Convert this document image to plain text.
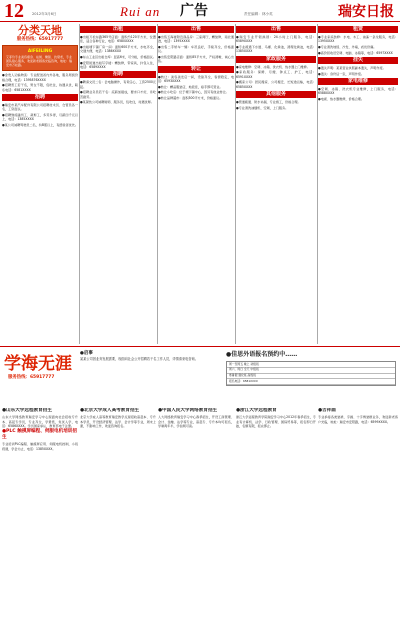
12 2012年3月6日	Rui an 广告	责任编辑：林小英	瑞安日报
分类天地
服务热线：65917777
AIFEILING
艾菲玲专业美容瘦身、祛斑、嫩肤、抗衰老，专业团队贴心服务，欢迎新老顾客光临咨询，地址：瑞安市万松路。
●金贵人运输物流：专业配送省内外各地，服务周到价格合理，电话：1395876XXXX
●招聘普工若干名，男女不限，包吃住，待遇从优，联系电话：6581XXXX
招聘
●瑞安市某汽车配件有限公司招聘技术员、仓管员各一名，工资面议。
●招聘熟练缝纫工、裁剪工，多劳多得，月薪四千元以上，电话：1385XXXX
●某公司诚聘驾驶员二名，持B照以上，有经验者优先。
出租
●出租万松东路365号店面：面积约120平方米，位置佳，适合各种行业，电话：6580XXXX
●出租塘下镇厂房一间：面积600平方米，水电齐全，交通方便，电话：1386XXXX
●东山工业区出租仓库：层高6米，可分租，价格面议。
●安阳街道出租写字楼：精装修，带家具，拎包入住，电话：6589XXXX
招聘
●聘请文员二名：会电脑操作，有责任心，工资2500元起。
●招聘业务员若干名：底薪加提成，要求口才好，肯吃苦耐劳。
●某餐饮公司诚聘厨师、服务员，包吃住，待遇优厚。
出售
●出售玉海楼附近商品房：三室两厅，精装修，南北通透，电话：1395XXXX
●出售二手轿车一辆：车况良好，手续齐全，价格面议。
●出售安阳路店面：面积85平方米，产权清晰，诚心出售。
转让
●转让：美容美发店一间，设备齐全，客源稳定，电话：6593XXXX
●转让：精品服装店，地段佳，接手即可营业。
●转让小吃店：位于塘下镇中心，因另有他业转让。
●转让品牌超市：面积300平方米，价格面议。
出售
●瑞安专业开锁换锁：24小时上门服务，电话：6589XXXX
●专业疏通下水道、马桶、化粪池，清理化粪池，电话：1385XXXX
家政服务
●家电维修：空调、冰箱、洗衣机、热水器上门维修。
●家政服务：保姆、月嫂、钟点工、护工，电话：6591XXXX
●搬家公司：居民搬家、公司搬迁、长短途运输，电话：6585XXXX
其他服务
●管道疏通、防水补漏，专业施工，价格合理。
●专业清洗油烟机、空调，上门服务。
租赁
●专业家庭装修：水电、木工、油漆一条龙服务，电话：1395XXXX
●专业清洗地毯、沙发、外墙，质优价廉。
●高价回收旧空调、电脑、冰箱等，电话：6597XXXX
挂失
●遗失声明：某某营业执照副本遗失，声明作废。
●遗失：身份证一张，声明作废。
家电维修
●空调、冰箱、洗衣机专业维修，上门服务，电话：6588XXXX
●电视、热水器维修，价格合理。
学海无涯
服务热线：65917777
●启事
某某公司因业务发展需要，现面向社会公开招聘若干名工作人员，详情请来电咨询。
●佳思外语报名预约中……
周一至周五 晚上 初级班
周六、周日 全天 中级班
寒暑假 强化班 高级班
报名电话：6581XXXX
●山东大学远程教育招生
山东大学网络教育瑞安学习中心现面向社会招收专升本、高起专学员，专业齐全，学费低，免试入学，电话：6586XXXX。学历国家承认，教育部电子注册。
●PLC 触摸屏编程、伺服电机培训招生
专业培训PLC编程、触摸屏应用、伺服电机控制，小班授课，学会为止，电话：1385XXXX。
●北京大学成人高考教育招生
北京大学成人高等教育瑞安教学点现招收高起本、专升本学员，开设经济管理、法学、会计学等专业，周末上课，不影响工作，欢迎咨询报名。
●中国人民大学网络教育招生
人大网络教育瑞安学习中心春季招生，开设工商管理、会计、金融、法学等专业，高起专、专升本均可报名，学制两年半，学信网可查。
●浙江大学远程教育
浙江大学远程教育学院瑞安学习中心2012年春季招生，专业有计算机、法学、行政管理、国际贸易等，报名即日开始，名额有限，报完即止。
●吉祥画
专业承接各类装裱、字画、十字绣装框业务，欢迎新老客户光临，地址：瑞安市安阳路，电话：6599XXXX。
